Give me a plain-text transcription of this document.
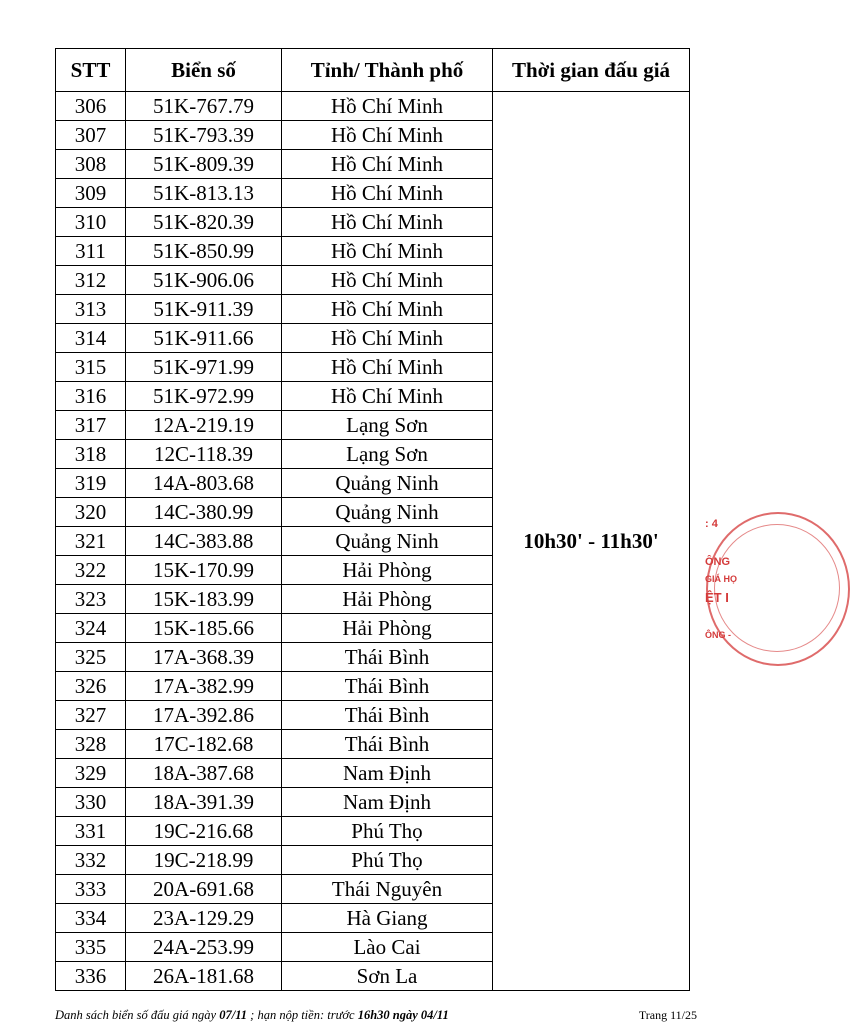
STT	Biển số	Tỉnh/ Thành phố	Thời gian đấu giá
306	51K-767.79	Hồ Chí Minh	10h30' - 11h30'
307	51K-793.39	Hồ Chí Minh	
308	51K-809.39	Hồ Chí Minh	
309	51K-813.13	Hồ Chí Minh	
310	51K-820.39	Hồ Chí Minh	
311	51K-850.99	Hồ Chí Minh	
312	51K-906.06	Hồ Chí Minh	
313	51K-911.39	Hồ Chí Minh	
314	51K-911.66	Hồ Chí Minh	
315	51K-971.99	Hồ Chí Minh	
316	51K-972.99	Hồ Chí Minh	
317	12A-219.19	Lạng Sơn	
318	12C-118.39	Lạng Sơn	
319	14A-803.68	Quảng Ninh	
320	14C-380.99	Quảng Ninh	
321	14C-383.88	Quảng Ninh	
322	15K-170.99	Hải Phòng	
323	15K-183.99	Hải Phòng	
324	15K-185.66	Hải Phòng	
325	17A-368.39	Thái Bình	
326	17A-382.99	Thái Bình	
327	17A-392.86	Thái Bình	
328	17C-182.68	Thái Bình	
329	18A-387.68	Nam Định	
330	18A-391.39	Nam Định	
331	19C-216.68	Phú Thọ	
332	19C-218.99	Phú Thọ	
333	20A-691.68	Thái Nguyên	
334	23A-129.29	Hà Giang	
335	24A-253.99	Lào Cai	
336	26A-181.68	Sơn La	
Danh sách biển số đấu giá ngày 07/11 ; hạn nộp tiền: trước 16h30 ngày 04/11	Trang 11/25
: 4
ÔNG
GIÁ HỌ
ỆT I
ÔNG -
